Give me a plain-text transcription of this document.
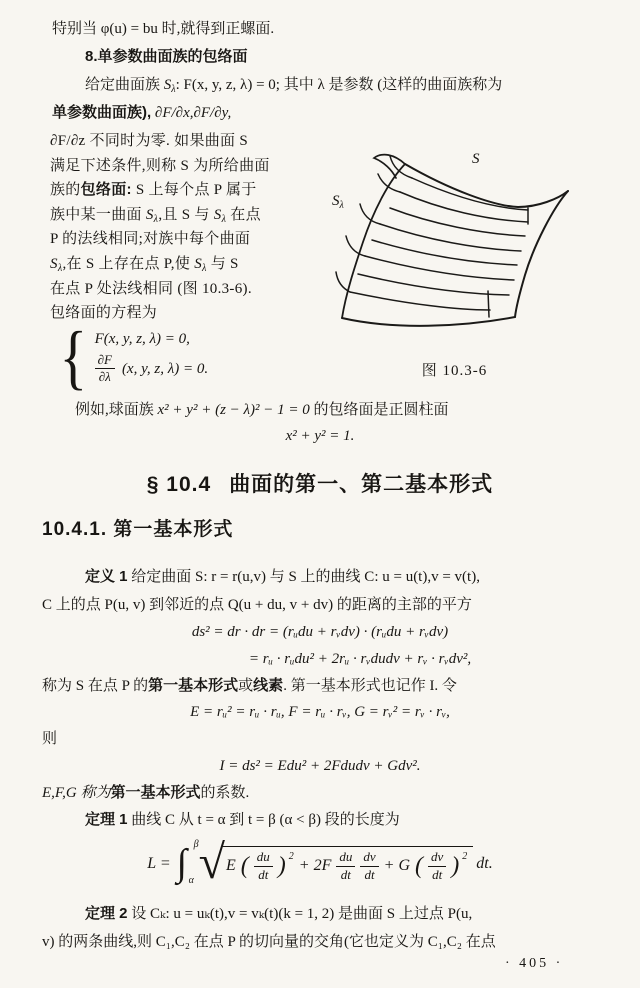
特别当 φ(u) = bu 时,就得到正螺面.
8.单参数曲面族的包络面
给定曲面族 $S_\lambda$: F(x, y, z, λ) = 0; 其中 λ 是参数 (这样的曲面族称为
单参数曲面族), ∂F/∂x,∂F/∂y,
∂F/∂z 不同时为零. 如果曲面 S
满足下述条件,则称 S 为所给曲面
族的包络面: S 上每个点 P 属于
族中某一曲面 $S_\lambda$,且 S 与 $S_\lambda$ 在点
P 的法线相同;对族中每个曲面
$S_\lambda$,在 S 上存在点 P,使 $S_\lambda$ 与 S
在点 P 处法线相同 (图 10.3-6).
包络面的方程为
{ F(x, y, z, λ) = 0,
$\frac{\partial F}{\partial\lambda} (x$, y, z, λ) = 0.
S
$S_\lambda$
图 10.3-6
例如,球面族 x² + y² + (z − λ)² − 1 = 0 的包络面是正圆柱面
x² + y² = 1.
§ 10.4 曲面的第一、第二基本形式
10.4.1. 第一基本形式
定义 1 给定曲面 S: r = r(u,v) 与 S 上的曲线 C: u = u(t),v = v(t),
C 上的点 P(u, v) 到邻近的点 Q(u + du, v + dv) 的距离的主部的平方
ds² = dr · dr = (rᵤdu + rᵥdv) · (rᵤdu + rᵥdv)
= rᵤ · rᵤdu² + 2rᵤ · rᵥdudv + rᵥ · rᵥdv²,
称为 S 在点 P 的第一基本形式或线素. 第一基本形式也记作 I. 令
E = rᵤ² = rᵤ · rᵤ, F = rᵤ · rᵥ, G = rᵥ² = rᵥ · rᵥ,
则
I = ds² = Edu² + 2Fdudv + Gdv².
E,F,G 称为第一基本形式的系数.
定理 1 曲线 C 从 t = α 到 t = β (α < β) 段的长度为
L = ∫ β
α √ E ( $\frac{du}{dt}$ ) 2
+ $2F \frac{du}{dt} \frac{dv}{dt} + G$ ( $\frac{dv}{dt}$ ) 2 dt.
定理 2 设 Cₖ: u = uₖ(t),v = vₖ(t)(k = 1, 2) 是曲面 S 上过点 P(u,
v) 的两条曲线,则 C₁,C₂ 在点 P 的切向量的交角(它也定义为 C₁,C₂ 在点
· 405 ·
